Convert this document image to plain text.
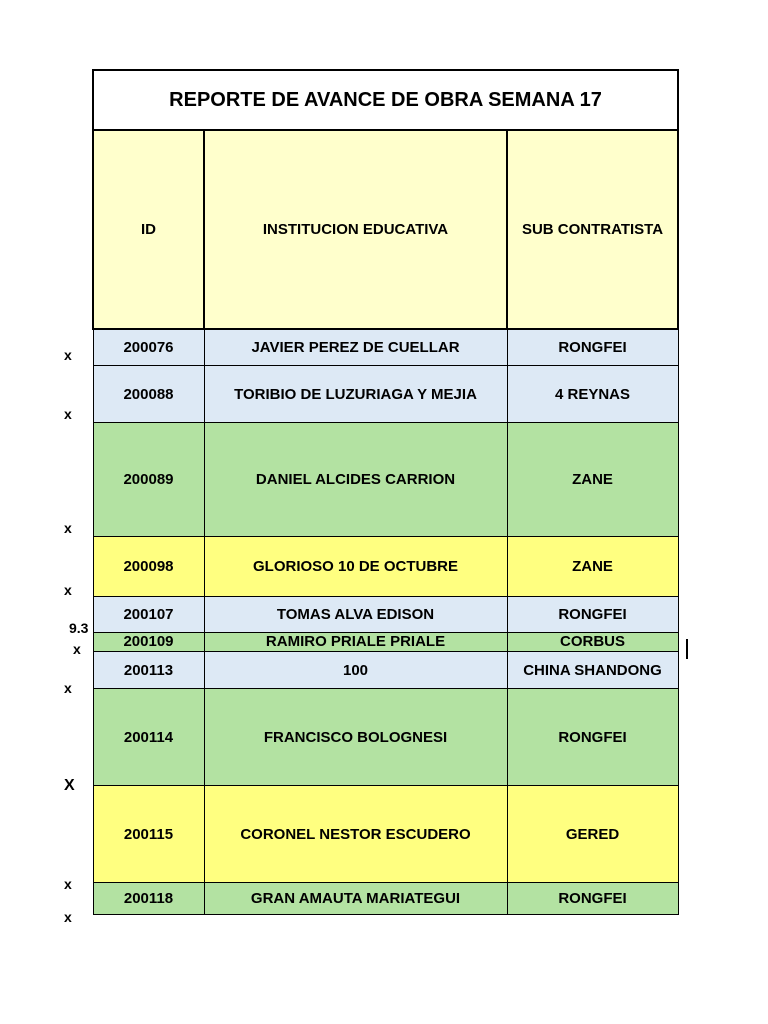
REPORTE DE AVANCE DE OBRA SEMANA 17		
ID	INSTITUCION EDUCATIVA	SUB CONTRATISTA
200076	JAVIER PEREZ DE CUELLAR	RONGFEI
200088	TORIBIO DE LUZURIAGA Y MEJIA	4 REYNAS
200089	DANIEL ALCIDES CARRION	ZANE
200098	GLORIOSO 10 DE OCTUBRE	ZANE
200107	TOMAS ALVA EDISON	RONGFEI
200109	RAMIRO PRIALE PRIALE	CORBUS
200113	100	CHINA SHANDONG
200114	FRANCISCO BOLOGNESI	RONGFEI
200115	CORONEL NESTOR ESCUDERO	GERED
200118	GRAN AMAUTA MARIATEGUI	RONGFEI
x
x
x
x
9.3
x
x
X
x
x
